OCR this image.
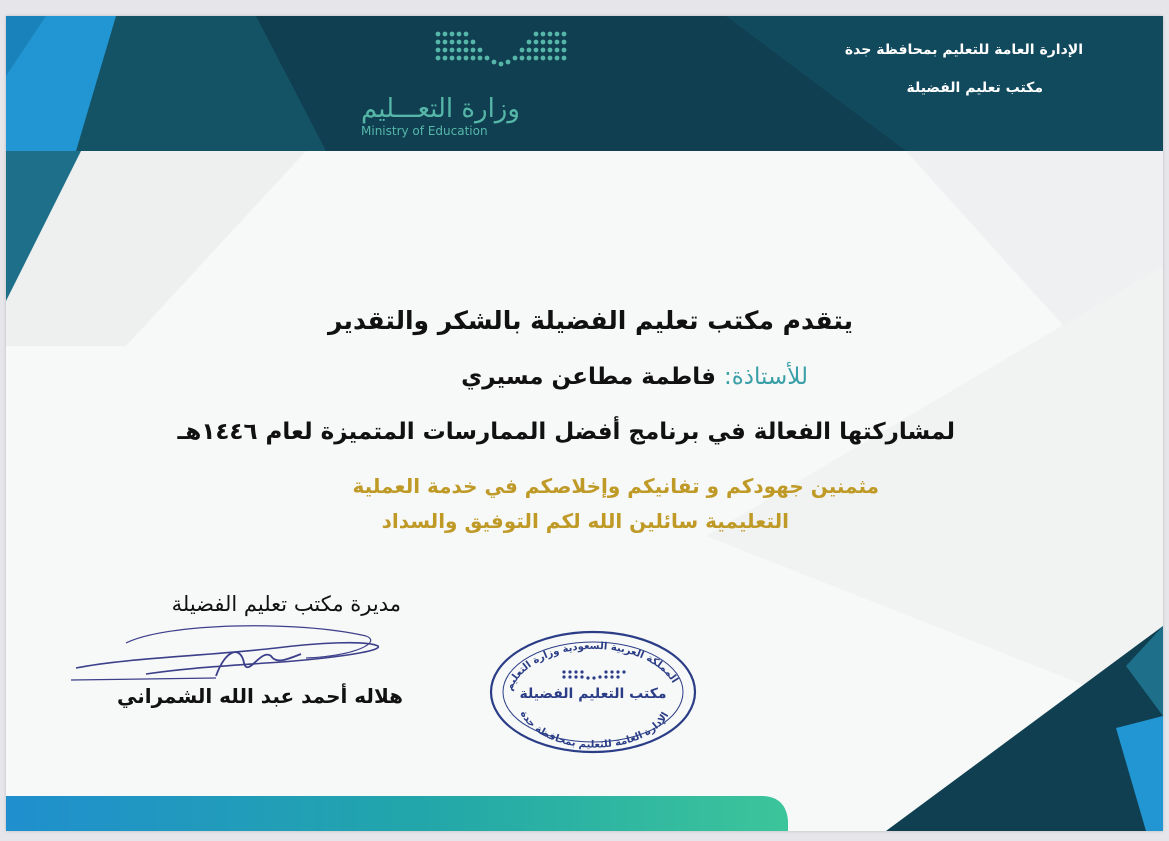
وزارة التعـــليم
Ministry of Education
الإدارة العامة للتعليم بمحافظة جدة
مكتب تعليم الفضيلة
يتقدم مكتب تعليم الفضيلة بالشكر والتقدير
للأستاذة: فاطمة مطاعن مسيري
لمشاركتها الفعالة في برنامج أفضل الممارسات المتميزة لعام ١٤٤٦هـ
مثمنين جهودكم و تفانيكم وإخلاصكم في خدمة العملية
التعليمية سائلين الله لكم التوفيق والسداد
مديرة مكتب تعليم الفضيلة
هلاله أحمد عبد الله الشمراني	المملكة العربية السعودية وزارة التعليم
الإدارة العامة للتعليم بمحافظة جدة
مكتب التعليم الفضيلة
